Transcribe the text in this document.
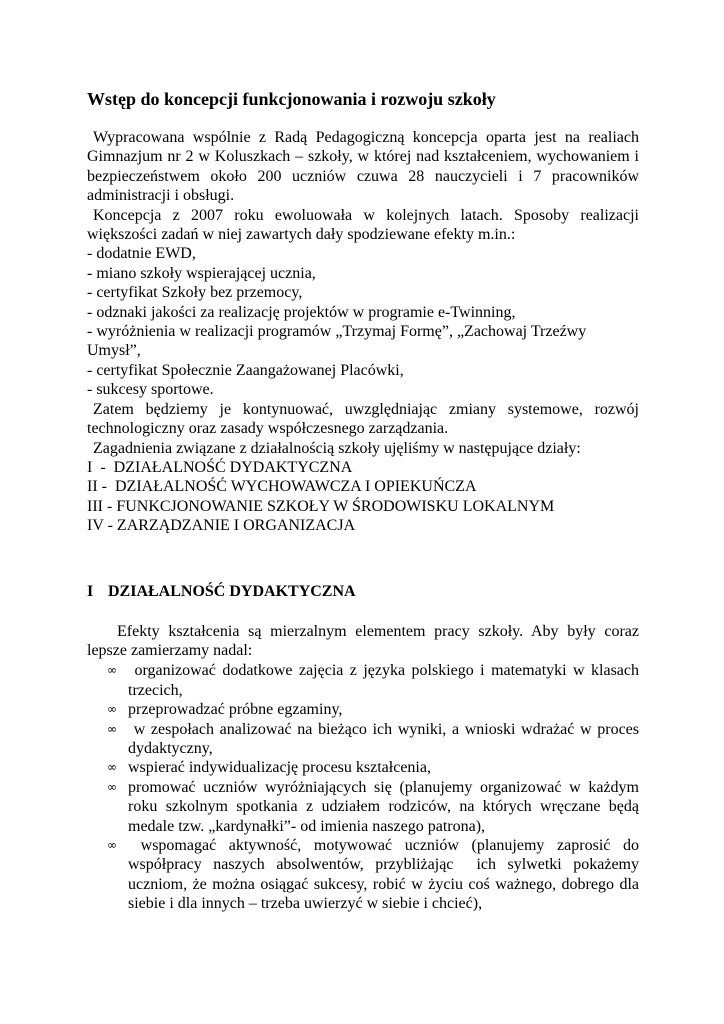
Wstęp do koncepcji funkcjonowania i rozwoju szkoły

Wypracowana wspólnie z Radą Pedagogiczną koncepcja oparta jest na realiach Gimnazjum nr 2 w Koluszkach – szkoły, w której nad kształceniem, wychowaniem i bezpieczeństwem około 200 uczniów czuwa 28 nauczycieli i 7 pracowników administracji i obsługi.

Koncepcja z 2007 roku ewoluowała w kolejnych latach. Sposoby realizacji większości zadań w niej zawartych dały spodziewane efekty m.in.:

- dodatnie EWD,

- miano szkoły wspierającej ucznia,

- certyfikat Szkoły bez przemocy,

- odznaki jakości za realizację projektów w programie e-Twinning,

- wyróżnienia w realizacji programów „Trzymaj Formę”, „Zachowaj Trzeźwy Umysł”,

- certyfikat Społecznie Zaangażowanej Placówki,

- sukcesy sportowe.

Zatem będziemy je kontynuować, uwzględniając zmiany systemowe, rozwój technologiczny oraz zasady współczesnego zarządzania.

Zagadnienia związane z działalnością szkoły ujęliśmy w następujące działy:

I  -  DZIAŁALNOŚĆ DYDAKTYCZNA

II -  DZIAŁALNOŚĆ WYCHOWAWCZA I OPIEKUŃCZA

III - FUNKCJONOWANIE SZKOŁY W ŚRODOWISKU LOKALNYM

IV - ZARZĄDZANIE I ORGANIZACJA

I DZIAŁALNOŚĆ DYDAKTYCZNA

Efekty kształcenia są mierzalnym elementem pracy szkoły. Aby były coraz lepsze zamierzamy nadal:

∞ organizować dodatkowe zajęcia z języka polskiego i matematyki w klasach trzecich,
∞ przeprowadzać próbne egzaminy,
∞ w zespołach analizować na bieżąco ich wyniki, a wnioski wdrażać w proces dydaktyczny,
∞ wspierać indywidualizację procesu kształcenia,
∞ promować uczniów wyróżniających się (planujemy organizować w każdym roku szkolnym spotkania z udziałem rodziców, na których wręczane będą medale tzw. „kardynałki”- od imienia naszego patrona),
∞ wspomagać aktywność, motywować uczniów (planujemy zaprosić do współpracy naszych absolwentów, przybliżając  ich sylwetki pokażemy uczniom, że można osiągać sukcesy, robić w życiu coś ważnego, dobrego dla siebie i dla innych – trzeba uwierzyć w siebie i chcieć),
